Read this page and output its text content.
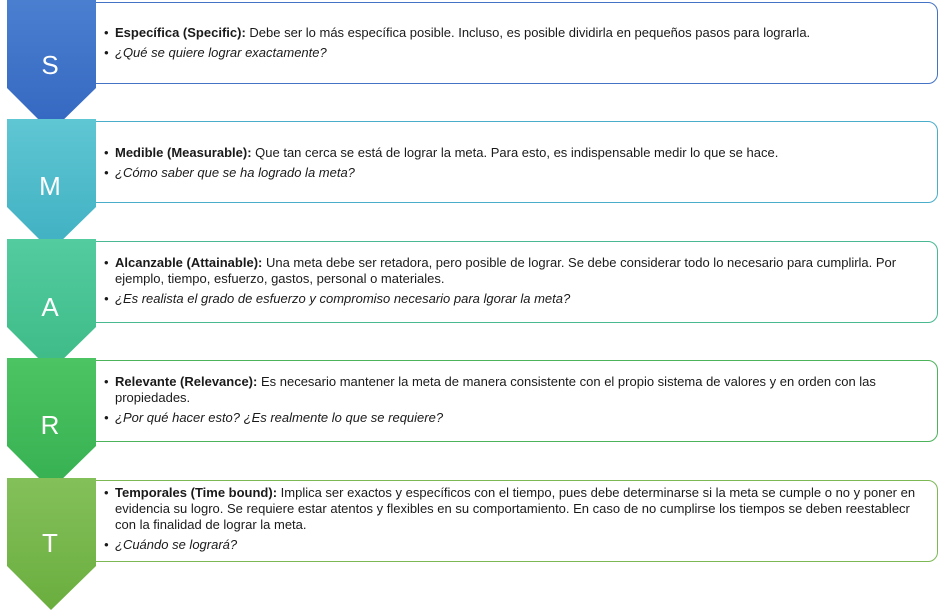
S
• Específica (Specific): Debe ser lo más específica posible. Incluso, es posible dividirla en pequeños pasos para lograrla.
• ¿Qué se quiere lograr exactamente?
M
• Medible (Measurable): Que tan cerca se está de lograr la meta. Para esto, es indispensable medir lo que se hace.
• ¿Cómo saber que se ha logrado la meta?
A
• Alcanzable (Attainable): Una meta debe ser retadora, pero posible de lograr. Se debe considerar todo lo necesario para cumplirla. Por ejemplo, tiempo, esfuerzo, gastos, personal o materiales.
• ¿Es realista el grado de esfuerzo y compromiso necesario para lgorar la meta?
R
• Relevante (Relevance): Es necesario mantener la meta de manera consistente con el propio sistema de valores y en orden con las propiedades.
• ¿Por qué hacer esto? ¿Es realmente lo que se requiere?
T
• Temporales (Time bound): Implica ser exactos y específicos con el tiempo, pues debe determinarse si la meta se cumple o no y poner en evidencia su logro. Se requiere estar atentos y flexibles en su comportamiento. En caso de no cumplirse los tiempos se deben reestablecr con la finalidad de lograr la meta.
• ¿Cuándo se logrará?
